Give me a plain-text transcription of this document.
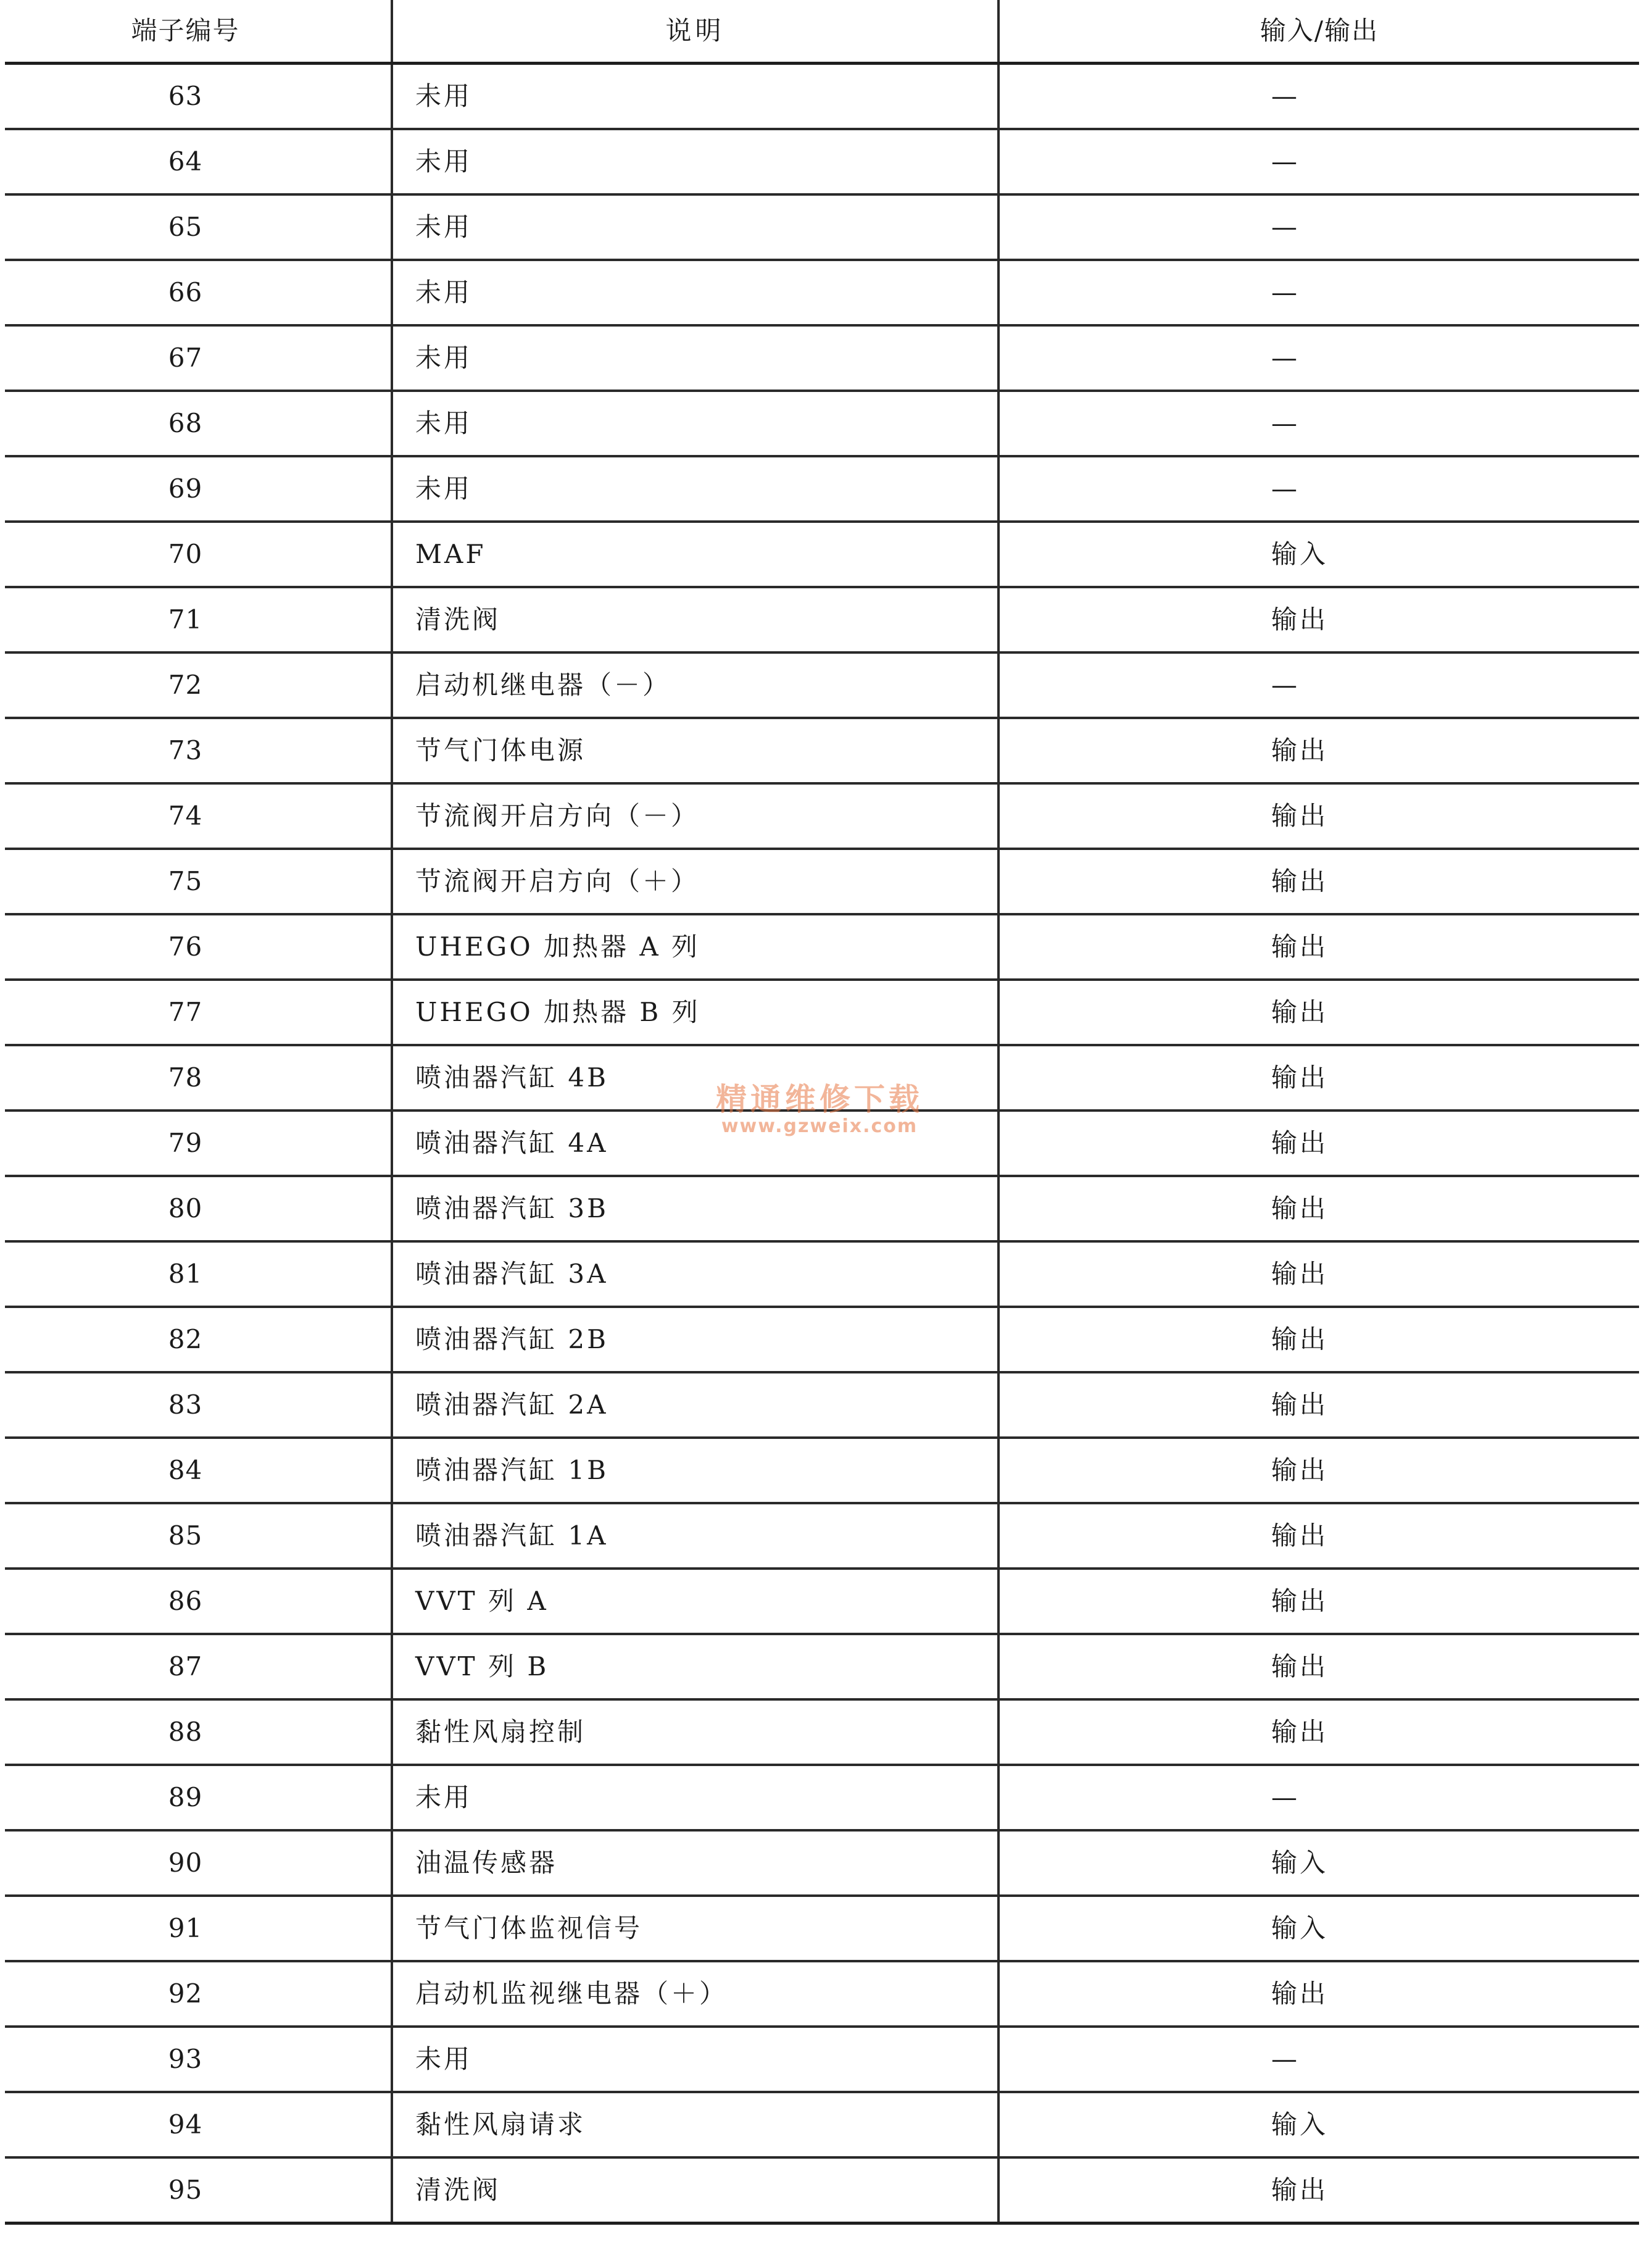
端子编号	说明	输入/输出
63	未用	—
64	未用	—
65	未用	—
66	未用	—
67	未用	—
68	未用	—
69	未用	—
70	MAF	输入
71	清洗阀	输出
72	启动机继电器（－）	—
73	节气门体电源	输出
74	节流阀开启方向（－）	输出
75	节流阀开启方向（＋）	输出
76	UHEGO 加热器 A 列	输出
77	UHEGO 加热器 B 列	输出
78	喷油器汽缸 4B	输出
79	喷油器汽缸 4A	输出
80	喷油器汽缸 3B	输出
81	喷油器汽缸 3A	输出
82	喷油器汽缸 2B	输出
83	喷油器汽缸 2A	输出
84	喷油器汽缸 1B	输出
85	喷油器汽缸 1A	输出
86	VVT 列 A	输出
87	VVT 列 B	输出
88	黏性风扇控制	输出
89	未用	—
90	油温传感器	输入
91	节气门体监视信号	输入
92	启动机监视继电器（＋）	输出
93	未用	—
94	黏性风扇请求	输入
95	清洗阀	输出
精通维修下载
www.gzweix.com
